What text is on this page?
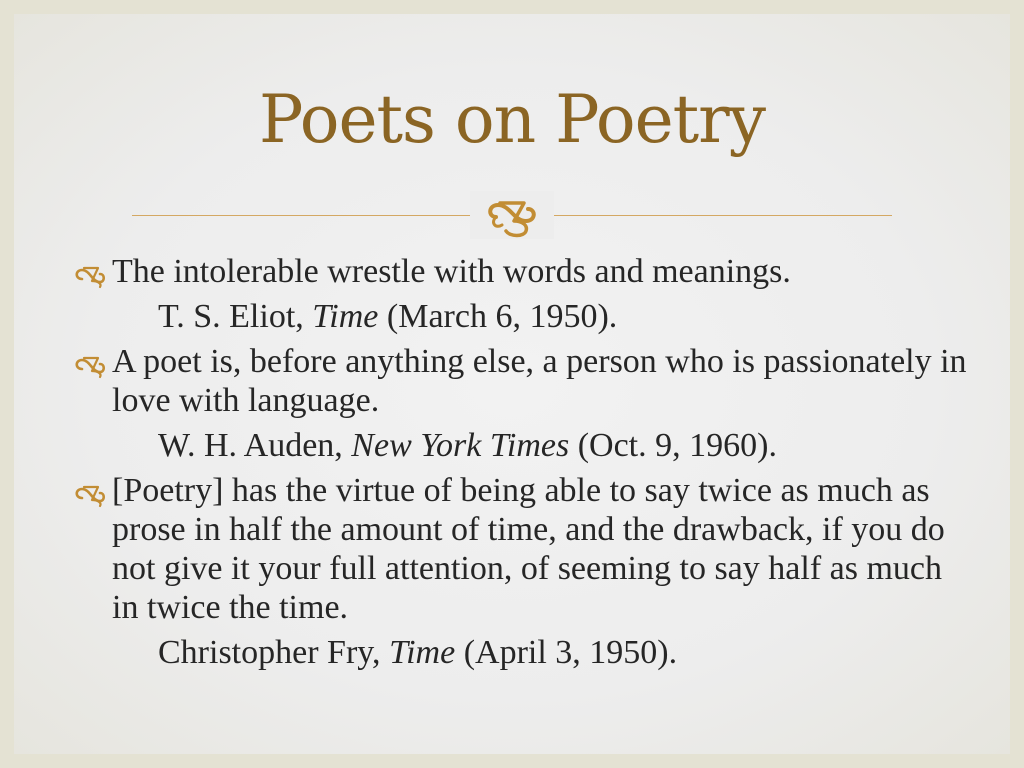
Poets on Poetry
The intolerable wrestle with words and meanings.
T. S. Eliot, Time (March 6, 1950).
A poet is, before anything else, a person who is passionately in love with language.
W. H. Auden, New York Times (Oct. 9, 1960).
[Poetry] has the virtue of being able to say twice as much as prose in half the amount of time, and the drawback, if you do not give it your full attention, of seeming to say half as much in twice the time.
Christopher Fry, Time (April 3, 1950).
